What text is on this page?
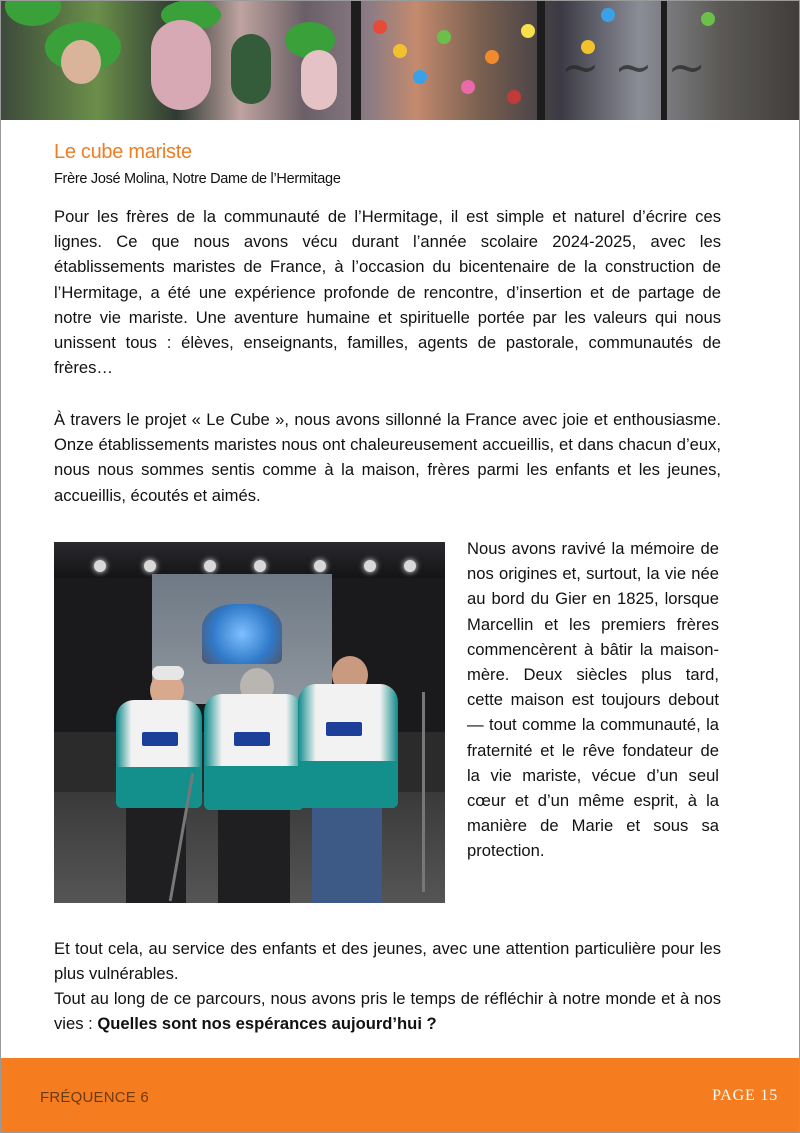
~ ~ ~
Le cube mariste
Frère José Molina, Notre Dame de l’Hermitage

Pour les frères de la communauté de l’Hermitage, il est simple et naturel d’écrire ces lignes. Ce que nous avons vécu durant l’année scolaire 2024-2025, avec les établissements maristes de France, à l’occasion du bicentenaire de la construction de l’Hermitage, a été une expérience profonde de rencontre, d’insertion et de partage de notre vie mariste. Une aventure humaine et spirituelle portée par les valeurs qui nous unissent tous : élèves, enseignants, familles, agents de pastorale, communautés de frères…

À travers le projet « Le Cube », nous avons sillonné la France avec joie et enthousiasme. Onze établissements maristes nous ont chaleureusement accueillis, et dans chacun d’eux, nous nous sommes sentis comme à la maison, frères parmi les enfants et les jeunes, accueillis, écoutés et aimés.

Nous avons ravivé la mémoire de nos origines et, surtout, la vie née au bord du Gier en 1825, lorsque Marcellin et les premiers frères commencèrent à bâtir la maison-mère. Deux siècles plus tard, cette maison est toujours debout — tout comme la communauté, la fraternité et le rêve fondateur de la vie mariste, vécue d’un seul cœur et d’un même esprit, à la manière de Marie et sous sa protection.

Et tout cela, au service des enfants et des jeunes, avec une attention particulière pour les plus vulnérables.

Tout au long de ce parcours, nous avons pris le temps de réfléchir à notre monde et à nos vies : Quelles sont nos espérances aujourd’hui ?

FRÉQUENCE 6	PAGE 15
